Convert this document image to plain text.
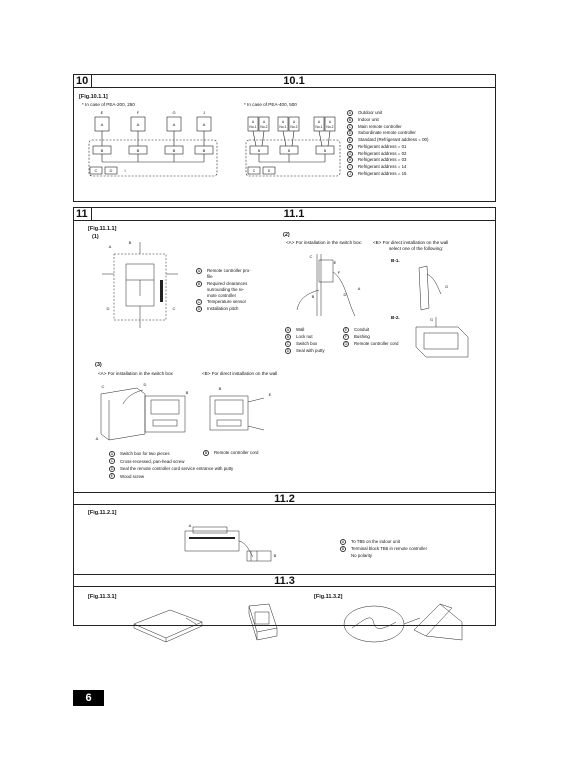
10	10.1
[Fig.10.1.1]
* In case of PEA-200, 250	* In case of PEA-400, 500
A	A	A	A
E	F	G	J
B	B	B	B
C	D	I
A	A	A	A	A	A
No.1 No.2	No.1 No.2	No.1 No.2
B	B	B
C	D
A Outdoor unit
B Indoor unit
C Main remote controller
D Subordinate remote controller
E Standard (Refrigerant address = 00)
F Refrigerant address = 01
G Refrigerant address = 02
H Refrigerant address = 03
I Refrigerant address = 14
J Refrigerant address = 15
11	11.1
[Fig.11.1.1]
(1)
B
A
D	C
A Remote controller pro-
file
B Required clearances
surrounding the re-
mote controller
C Temperature sensor
D Installation pitch
(2)
<A> For installation in the switch box: <B> For direct installation on the wall
select one of the following:
B-1.
B-2.
C
E
F
B	D
A	G
G
A Wall
B Lock nut
C Switch box
D Seal with putty
E Conduit
F Bushing
G Remote controller cord
(3)
<A> For installation in the switch box	<B> For direct installation on the wall
C	D
B
A
B
E
A Switch box for two pieces
C Cross-recessed, pan-head screw
D Seal the remote controller cord service entrance with putty
E Wood screw
B Remote controller cord
11.2
[Fig.11.2.1]
A
B
A To TB5 on the indoor unit
B Terminal block TB6 in remote controller
No polarity
11.3
[Fig.11.3.1]	[Fig.11.3.2]
6
